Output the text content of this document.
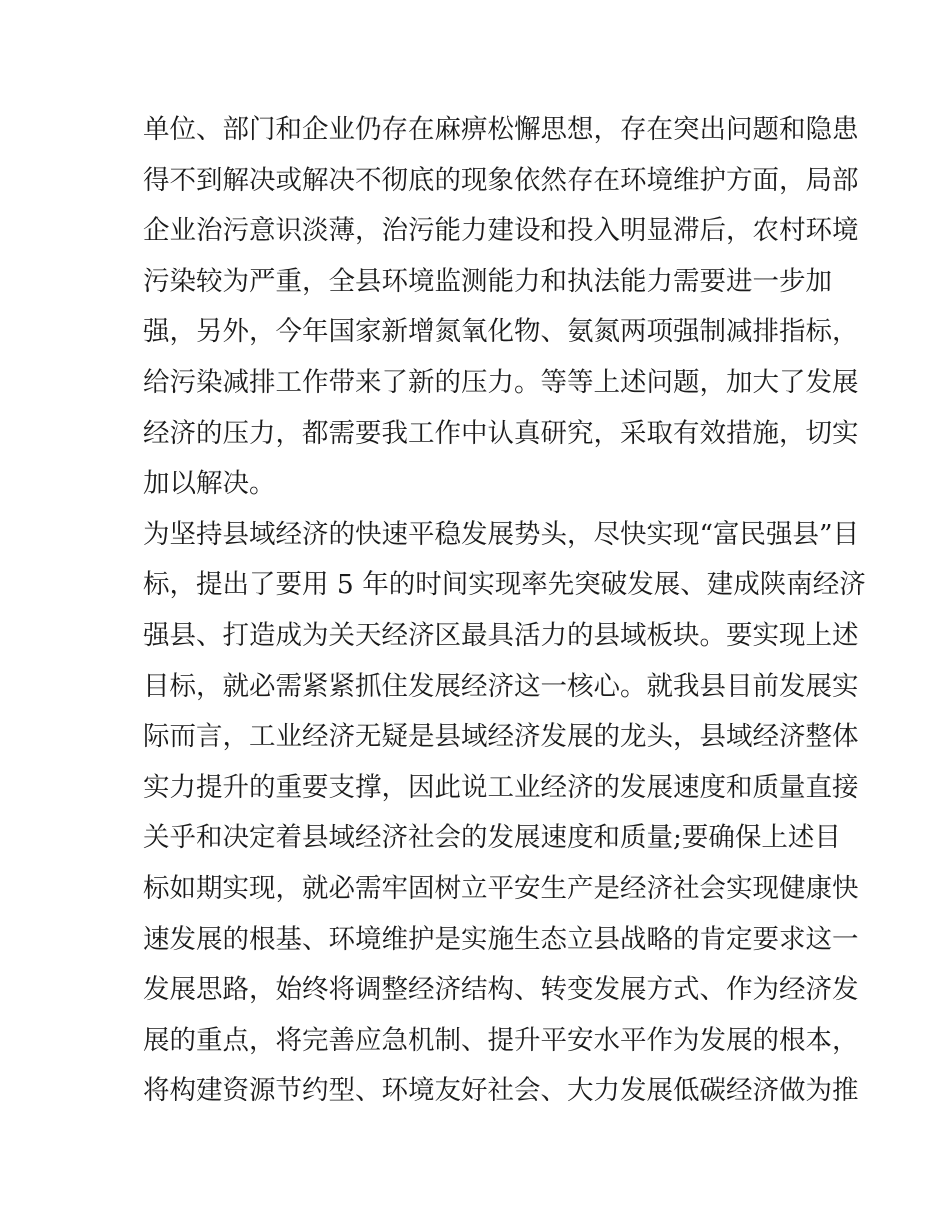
单位、部门和企业仍存在麻痹松懈思想，存在突出问题和隐患
得不到解决或解决不彻底的现象依然存在环境维护方面，局部
企业治污意识淡薄，治污能力建设和投入明显滞后，农村环境
污染较为严重，全县环境监测能力和执法能力需要进一步加
强，另外，今年国家新增氮氧化物、氨氮两项强制减排指标，
给污染减排工作带来了新的压力。等等上述问题，加大了发展
经济的压力，都需要我工作中认真研究，采取有效措施，切实
加以解决。
为坚持县域经济的快速平稳发展势头，尽快实现“富民强县”目
标，提出了要用 5 年的时间实现率先突破发展、建成陕南经济
强县、打造成为关天经济区最具活力的县域板块。要实现上述
目标，就必需紧紧抓住发展经济这一核心。就我县目前发展实
际而言，工业经济无疑是县域经济发展的龙头，县域经济整体
实力提升的重要支撑，因此说工业经济的发展速度和质量直接
关乎和决定着县域经济社会的发展速度和质量;要确保上述目
标如期实现，就必需牢固树立平安生产是经济社会实现健康快
速发展的根基、环境维护是实施生态立县战略的肯定要求这一
发展思路，始终将调整经济结构、转变发展方式、作为经济发
展的重点，将完善应急机制、提升平安水平作为发展的根本，
将构建资源节约型、环境友好社会、大力发展低碳经济做为推
